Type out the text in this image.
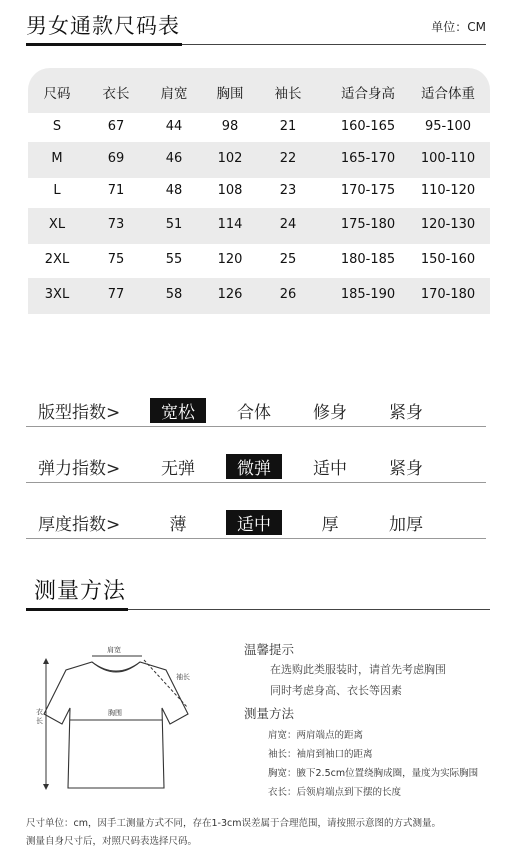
男女通款尺码表	单位：CM
尺码	衣长	肩宽	胸围	袖长	适合身高	适合体重
S	67	44	98	21	160-165	95-100
M	69	46	102	22	165-170	100-110
L	71	48	108	23	170-175	110-120
XL	73	51	114	24	175-180	120-130
2XL	75	55	120	25	180-185	150-160
3XL	77	58	126	26	185-190	170-180
版型指数>	宽松	合体	修身	紧身
弹力指数>	无弹	微弹	适中	紧身
厚度指数>	薄	适中	厚	加厚
测量方法
肩宽
袖长
胸围
衣长
温馨提示
在选购此类服装时，请首先考虑胸围
同时考虑身高、衣长等因素
测量方法
肩宽：两肩端点的距离
袖长：袖肩到袖口的距离
胸宽：腋下2.5cm位置绕胸成圈，量度为实际胸围
衣长：后领肩端点到下摆的长度
尺寸单位：cm，因手工测量方式不同，存在1-3cm误差属于合理范围，请按照示意图的方式测量。
测量自身尺寸后，对照尺码表选择尺码。
